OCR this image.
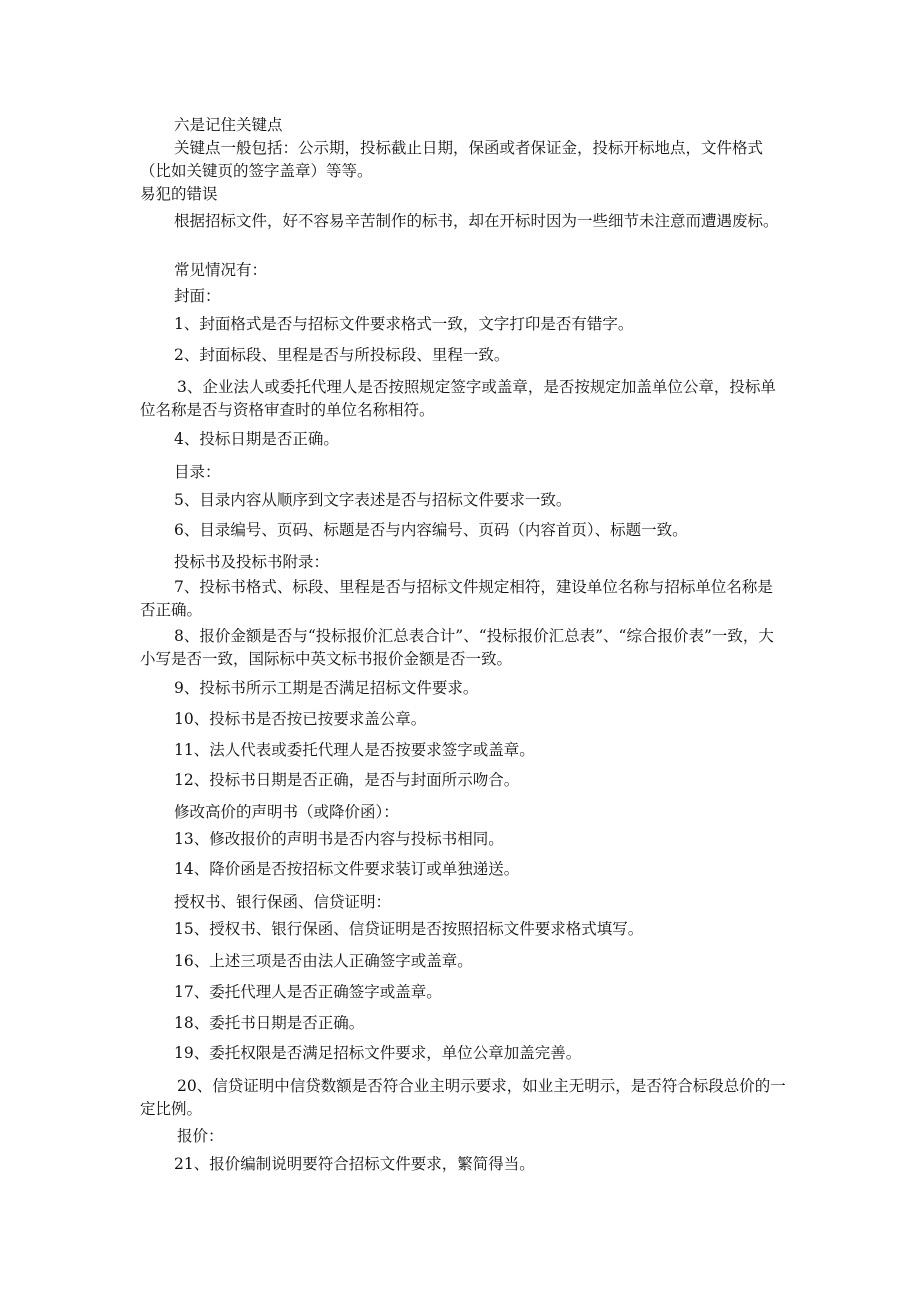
六是记住关键点

关键点一般包括：公示期，投标截止日期，保函或者保证金，投标开标地点，文件格式（比如关键页的签字盖章）等等。

易犯的错误

根据招标文件，好不容易辛苦制作的标书，却在开标时因为一些细节未注意而遭遇废标。

常见情况有：

封面：

1、封面格式是否与招标文件要求格式一致，文字打印是否有错字。

2、封面标段、里程是否与所投标段、里程一致。

3、企业法人或委托代理人是否按照规定签字或盖章，是否按规定加盖单位公章，投标单位名称是否与资格审查时的单位名称相符。

4、投标日期是否正确。

目录：

5、目录内容从顺序到文字表述是否与招标文件要求一致。

6、目录编号、页码、标题是否与内容编号、页码（内容首页）、标题一致。

投标书及投标书附录：

7、投标书格式、标段、里程是否与招标文件规定相符，建设单位名称与招标单位名称是否正确。

8、报价金额是否与“投标报价汇总表合计”、“投标报价汇总表”、“综合报价表”一致，大小写是否一致，国际标中英文标书报价金额是否一致。

9、投标书所示工期是否满足招标文件要求。

10、投标书是否按已按要求盖公章。

11、法人代表或委托代理人是否按要求签字或盖章。

12、投标书日期是否正确，是否与封面所示吻合。

修改高价的声明书（或降价函）：

13、修改报价的声明书是否内容与投标书相同。

14、降价函是否按招标文件要求装订或单独递送。

授权书、银行保函、信贷证明：

15、授权书、银行保函、信贷证明是否按照招标文件要求格式填写。

16、上述三项是否由法人正确签字或盖章。

17、委托代理人是否正确签字或盖章。

18、委托书日期是否正确。

19、委托权限是否满足招标文件要求，单位公章加盖完善。

20、信贷证明中信贷数额是否符合业主明示要求，如业主无明示，是否符合标段总价的一定比例。

报价：

21、报价编制说明要符合招标文件要求，繁简得当。
